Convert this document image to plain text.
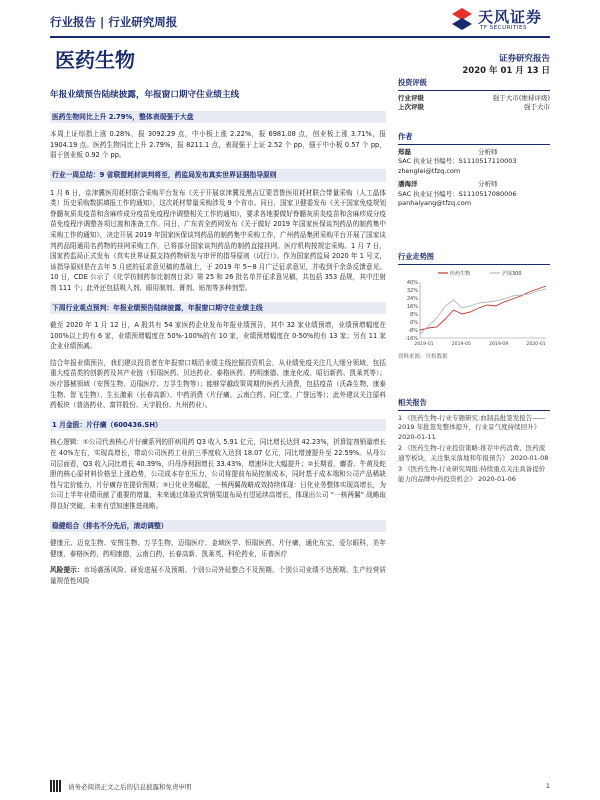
行业报告 | 行业研究周报	天风证券
TF SECURITIES
医药生物	证券研究报告
2020 年 01 月 13 日
年报业绩预告陆续披露，年报窗口期守住业绩主线
医药生物同比上升 2.79%，整体表现强于大盘

本周上证综指上涨 0.28%，报 3092.29 点，中小板上涨 2.22%，报 6981.08 点，创业板上涨 3.71%，报 1904.19 点。医药生物同比上升 2.79%，报 8211.1 点，表现强于上证 2.52 个 pp，强于中小板 0.57 个 pp，弱于创业板 0.92 个 pp。

行业一周总结：9 省联盟耗材谈判将至，药监局发布真实世界证据指导原则

1 月 6 日，京津冀医用耗材联合采购平台发布《关于开展京津冀及黑吉辽蒙晋鲁医用耗材联合带量采购（人工晶体类）历史采购数据填报工作的通知》，这次耗材带量采购涉及 9 个省市。同日，国家卫健委发布《关于国家免疫规划脊髓灰质炎疫苗和含麻疹成分疫苗免疫程序调整相关工作的通知》，要求各地要做好脊髓灰质炎疫苗和含麻疹成分疫苗免疫程序调整各项过渡和准备工作。同日，广东省全药网发布《关于做好 2019 年国家医保谈判药品的制药集中采购工作的通知》，决定开展 2019 年国家医保谈判药品的制药集中采购工作，广州药品集团采购平台开展了国家谈判药品阳通用名药物的挂网采购工作，已将部分国家谈判药品的制药直接挂网。医疗机构按规定采购。1 月 7 日，国家药监局正式发布《真实世界证据支持药物研发与审评的指导原则（试行）》。作为国家药监局 2020 年 1 号文，该指导原则是在去年 5 月底的征求意见稿的基础上，于 2019 年 5~8 月广泛征求意见，并收到千余条反馈意见。10 日，CDE 公示了《化学仿制药参比制剂目录》第 25 和 26 批名单并征求意见稿，共包括 353 品规，其中注射剂 111 个；此外还包括吸入剂、眼用制剂、膏剂、贴剂等多种剂型。

下周行业观点预判：年报业绩预告陆续披露，年报窗口期守住业绩主线

截至 2020 年 1 月 12 日，A 股共有 54 家医药企业发布年报业绩预告，其中 32 家业绩预增，业绩预增幅度在 100%以上的有 6 家，业绩预增幅度在 50%-100%的有 10 家，业绩预增幅度在 0-50%的有 13 家；另有 11 家企业业绩预减。

结合年报业绩预告，我们建议投资者在年报窗口期沿业绩主线挖掘投资机会，从业绩免疫关注几大细分领域，包括重大疫苗类的创新药及其产业链（恒瑞医药、贝达药业、泰格医药、药明康德、康龙化成、昭衍新药、凯莱英等）；医疗器械领域（安图生物、迈瑞医疗、万孚生物等）；能够穿越政策周期的医药大消费，包括疫苗（沃森生物、康泰生物、智飞生物）、生长激素（长春高新）、中药消费（片仔癀、云南白药、同仁堂、广誉远等）；此外建议关注原料药板块（普洛药业、富祥股份、天宇股份、九州药业）。

1 月金股：片仔癀（600436.SH）

核心逻辑：①公司代表核心片仔癀系列的肝病用药 Q3 收入 5.91 亿元，同比增长达到 42.23%，折算锭剂销量增长在 40%左右，实现高增长，带动公司医药工业前三季度收入达到 18.07 亿元，同比增速提升至 22.59%。从母公司层面看，Q3 收入同比增长 40.39%，归母净利润增长 33.43%，增速环比大幅提升；②长期看，麝香、牛黄及蛇胆的核心原材料价格呈上涨趋势，公司成本存在压力，公司将提前布局控制成本，同时基于成本端和公司产品稀缺性与定价能力，片仔癀存在提价预期；③日化业务崛起，一核两翼战略成效持续体现：日化业务整体实现高增长，为公司上半年业绩贡献了重要的增量，未来通过体验式营销渠道布局有望延续高增长，体现出公司 “一核两翼” 战略取得良好突破，未来有望加速推进战略。

稳健组合（排名不分先后，滚动调整）

健康元、迈克生物、安图生物、万孚生物、迈瑞医疗、金域医学、恒瑞医药、片仔癀，通化东宝，爱尔眼科，美年健康，泰格医药，药明康德，云南白药，长春高新，凯莱英，科伦药业，乐普医疗

风险提示：市场震荡风险、研发进展不及预期、个别公司外延整合不及预期、个别公司业绩不达预期、生产经营质量规范性风险

投资评级
行业评级	强于大市(维持评级)
上次评级	强于大市
作者
郑磊	分析师
SAC 执业证书编号：S1110517110003
zhenglei@tfzq.com
潘海洋	分析师
SAC 执业证书编号：S1110517080006
panhaiyang@tfzq.com
行业走势图
40%
32%
24%
16%
8%
0%
-8%
-16%
2019-01	2019-05	2019-09	2020-01
医药生物	沪深300
资料来源：贝格数据
相关报告

1 《医药生物-行业专题研究:血制品批签发报告——2019 年批签发整体提升，行业景气度持续回升》 2020-01-11

2 《医药生物-行业投资策略:推荐中药消费、医药流通等板块，关注集采落地和年报预告》 2020-01-08

3 《医药生物-行业研究周报:持续重点关注具备提价能力的品牌中药投资机会》 2020-01-06

请务必阅读正文之后的信息披露和免责申明	1
